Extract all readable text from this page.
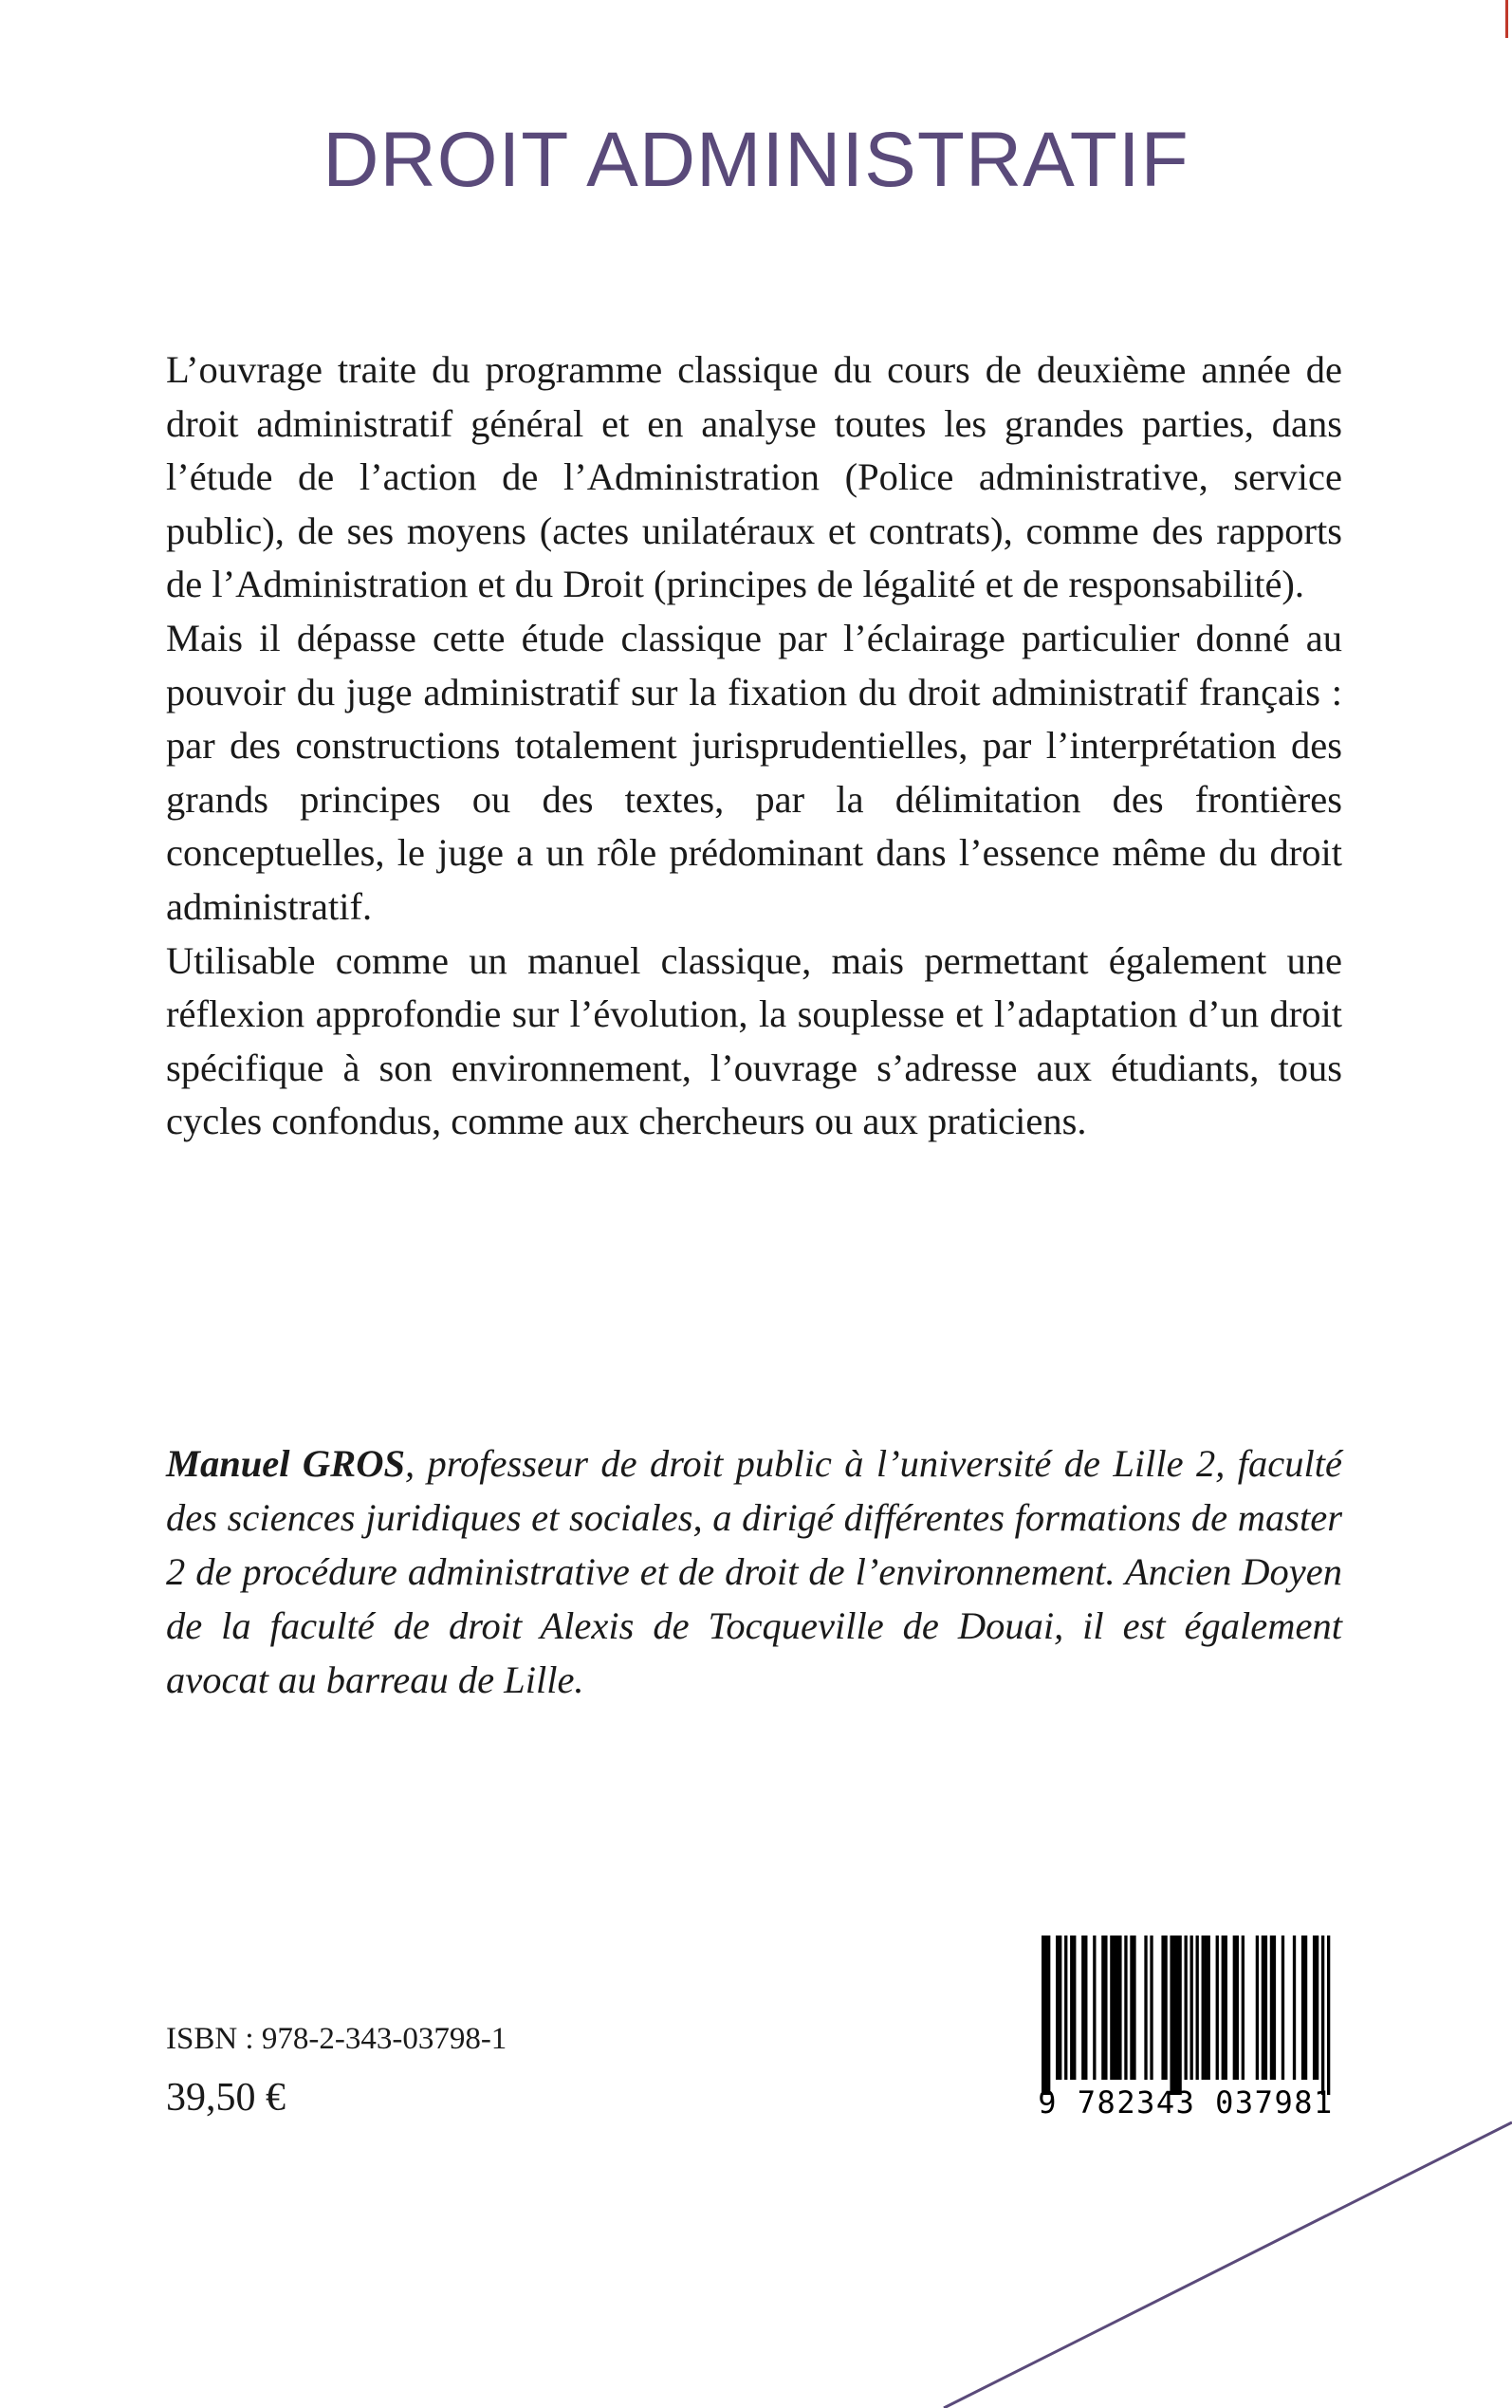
DROIT ADMINISTRATIF

L’ouvrage traite du programme classique du cours de deuxième année de droit administratif général et en analyse toutes les grandes parties, dans l’étude de l’action de l’Administration (Police administrative, service public), de ses moyens (actes unilatéraux et contrats), comme des rapports de l’Administration et du Droit (principes de légalité et de responsabilité).

Mais il dépasse cette étude classique par l’éclairage particulier donné au pouvoir du juge administratif sur la fixation du droit administratif français : par des constructions totalement jurisprudentielles, par l’interprétation des grands principes ou des textes, par la délimitation des frontières conceptuelles, le juge a un rôle prédominant dans l’essence même du droit administratif.

Utilisable comme un manuel classique, mais permettant également une réflexion approfondie sur l’évolution, la souplesse et l’adaptation d’un droit spécifique à son environnement, l’ouvrage s’adresse aux étudiants, tous cycles confondus, comme aux chercheurs ou aux praticiens.

Manuel GROS, professeur de droit public à l’université de Lille 2, faculté des sciences juridiques et sociales, a dirigé différentes formations de master 2 de procédure administrative et de droit de l’environnement. Ancien Doyen de la faculté de droit Alexis de Tocqueville de Douai, il est également avocat au barreau de Lille.
ISBN : 978-2-343-03798-1
39,50 €	9 782343 037981
